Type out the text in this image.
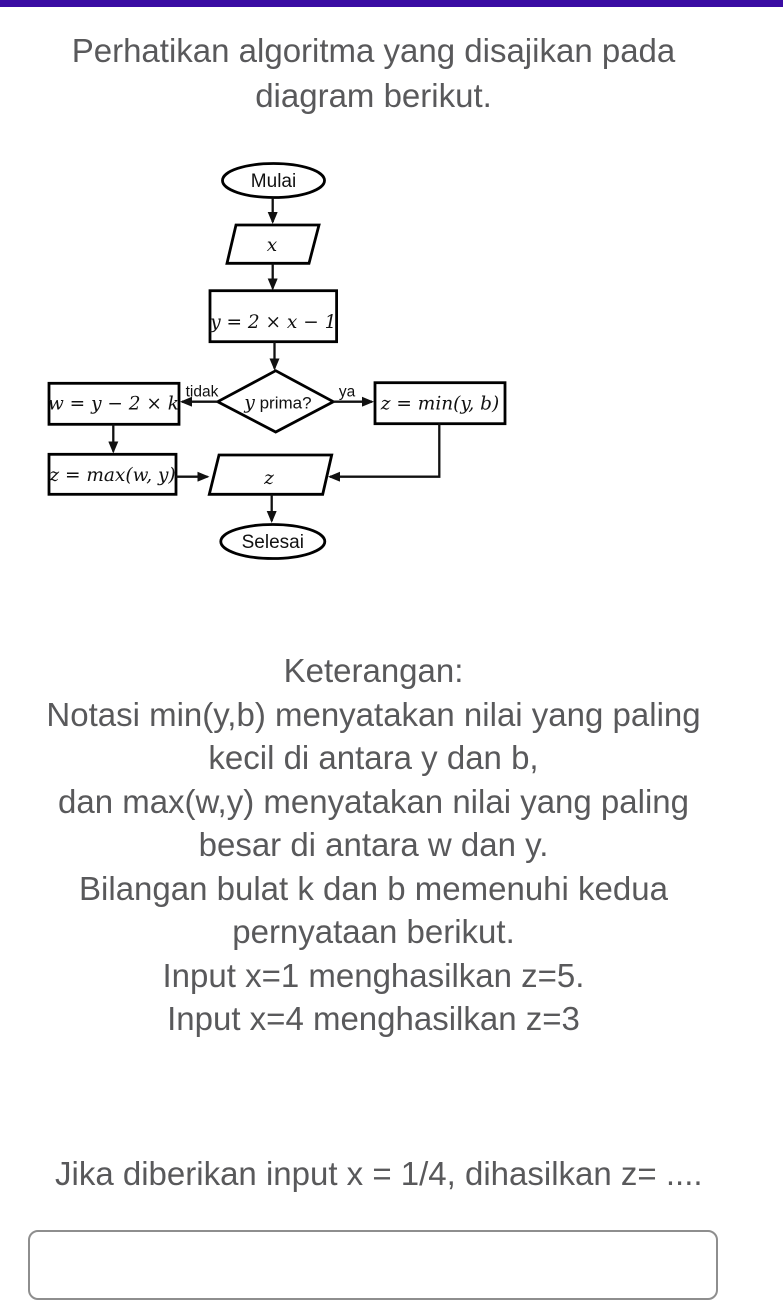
Perhatikan algoritma yang disajikan pada
diagram berikut.
Mulai
x
y = 2 × x − 1
y prima?
tidak
w = y − 2 × k
ya
z = min(y, b)
z = max(w, y)	z
Selesai
Keterangan:
Notasi min(y,b) menyatakan nilai yang paling
kecil di antara y dan b,
dan max(w,y) menyatakan nilai yang paling
besar di antara w dan y.
Bilangan bulat k dan b memenuhi kedua
pernyataan berikut.
Input x=1 menghasilkan z=5.
Input x=4 menghasilkan z=3
Jika diberikan input x = 1/4, dihasilkan z= ....
